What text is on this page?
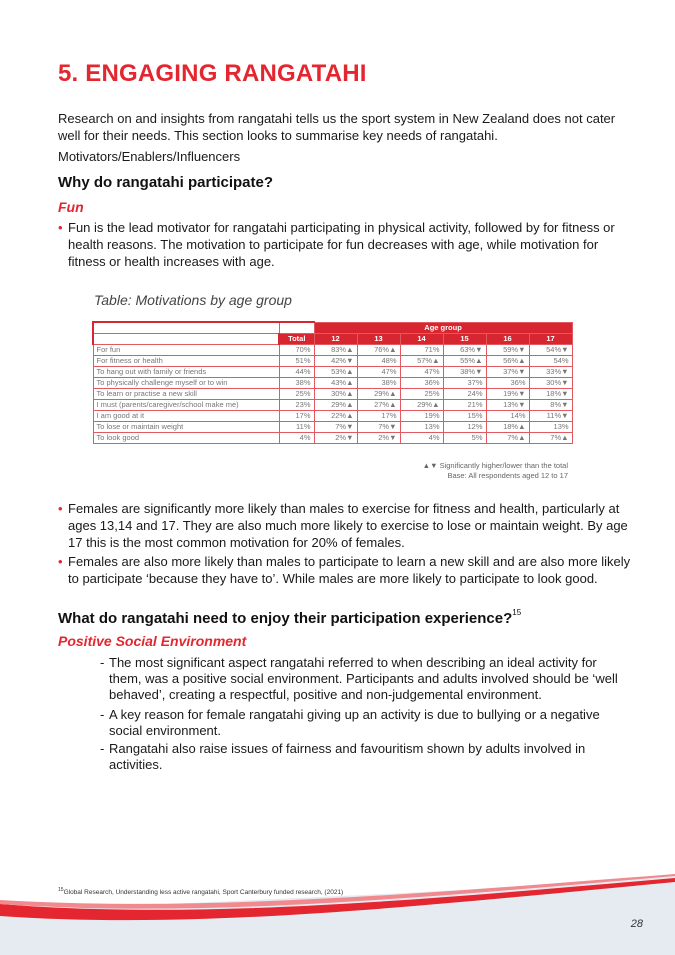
5. ENGAGING RANGATAHI

Research on and insights from rangatahi tells us the sport system in New Zealand does not cater well for their needs. This section looks to summarise key needs of rangatahi.

Motivators/Enablers/Influencers

Why do rangatahi participate?
Fun

• Fun is the lead motivator for rangatahi participating in physical activity, followed by for fitness or health reasons. The motivation to participate for fun decreases with age, while motivation for fitness or health increases with age.

Table: Motivations by age group

		Age group					
	Total	12	13	14	15	16	17
For fun	70%	83%▲	76%▲	71%	63%▼	59%▼	54%▼
For fitness or health	51%	42%▼	48%	57%▲	55%▲	56%▲	54%
To hang out with family or friends	44%	53%▲	47%	47%	38%▼	37%▼	33%▼
To physically challenge myself or to win	38%	43%▲	38%	36%	37%	36%	30%▼
To learn or practise a new skill	25%	30%▲	29%▲	25%	24%	19%▼	18%▼
I must (parents/caregiver/school make me)	23%	29%▲	27%▲	29%▲	21%	13%▼	8%▼
I am good at it	17%	22%▲	17%	19%	15%	14%	11%▼
To lose or maintain weight	11%	7%▼	7%▼	13%	12%	18%▲	13%
To look good	4%	2%▼	2%▼	4%	5%	7%▲	7%▲

▲▼ Significantly higher/lower than the total
Base: All respondents aged 12 to 17

• Females are significantly more likely than males to exercise for fitness and health, particularly at ages 13,14 and 17. They are also much more likely to exercise to lose or maintain weight. By age 17 this is the most common motivation for 20% of females.

• Females are also more likely than males to participate to learn a new skill and are also more likely to participate ‘because they have to’. While males are more likely to participate to look good.

What do rangatahi need to enjoy their participation experience?$^{15}$
Positive Social Environment

- The most significant aspect rangatahi referred to when describing an ideal activity for them, was a positive social environment. Participants and adults involved should be ‘well behaved’, creating a respectful, positive and non-judgemental environment.

- A key reason for female rangatahi giving up an activity is due to bullying or a negative social environment.

- Rangatahi also raise issues of fairness and favouritism shown by adults involved in activities.

$^{15}$Global Research, Understanding less active rangatahi, Sport Canterbury funded research, (2021)

28
